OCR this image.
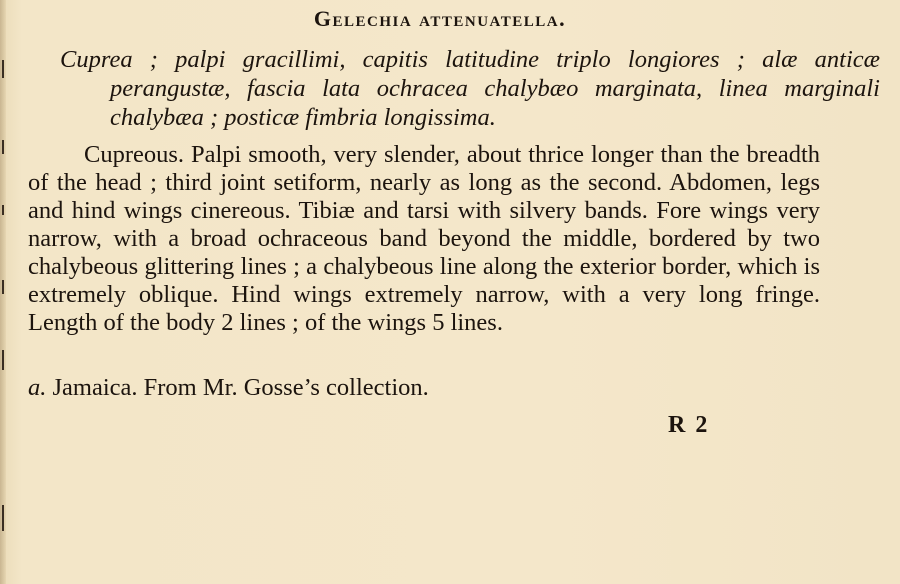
Gelechia attenuatella.
Cuprea ; palpi gracillimi, capitis latitudine triplo longiores ; alæ anticæ perangustæ, fascia lata ochracea chalybæo marginata, linea marginali chalybæa ; posticæ fimbria longissima.
Cupreous. Palpi smooth, very slender, about thrice longer than the breadth of the head ; third joint setiform, nearly as long as the second. Abdomen, legs and hind wings cinereous. Tibiæ and tarsi with silvery bands. Fore wings very narrow, with a broad ochraceous band beyond the middle, bordered by two chalybeous glittering lines ; a chalybeous line along the exterior border, which is extremely oblique. Hind wings extremely narrow, with a very long fringe. Length of the body 2 lines ; of the wings 5 lines.
a. Jamaica. From Mr. Gosse’s collection.
R 2
